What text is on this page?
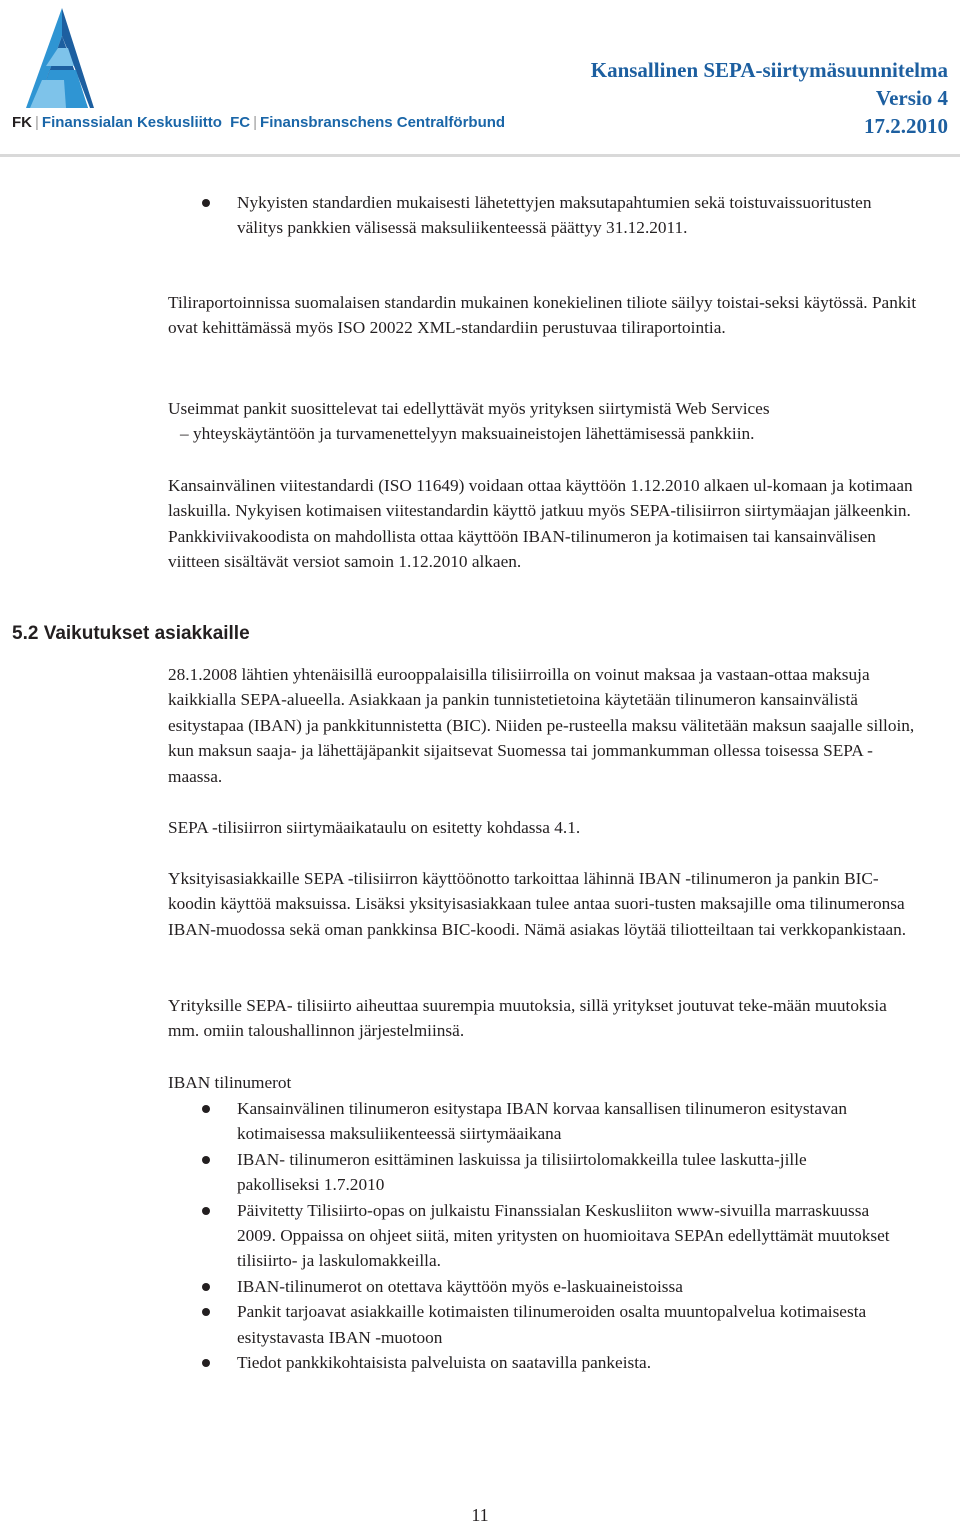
FK | Finanssialan Keskusliitto FC | Finansbranschens Centralförbund
Kansallinen SEPA-siirtymäsuunnitelma
Versio 4
17.2.2010
Nykyisten standardien mukaisesti lähetettyjen maksutapahtumien sekä toistuvaissuoritusten välitys pankkien välisessä maksuliikenteessä päättyy 31.12.2011.

Tiliraportoinnissa suomalaisen standardin mukainen konekielinen tiliote säilyy toistai-seksi käytössä. Pankit ovat kehittämässä myös ISO 20022 XML-standardiin perustuvaa tiliraportointia.

Useimmat pankit suosittelevat tai edellyttävät myös yrityksen siirtymistä Web Services

– yhteyskäytäntöön ja turvamenettelyyn maksuaineistojen lähettämisessä pankkiin.

Kansainvälinen viitestandardi (ISO 11649) voidaan ottaa käyttöön 1.12.2010 alkaen ul-komaan ja kotimaan laskuilla. Nykyisen kotimaisen viitestandardin käyttö jatkuu myös SEPA-tilisiirron siirtymäajan jälkeenkin. Pankkiviivakoodista on mahdollista ottaa käyttöön IBAN-tilinumeron ja kotimaisen tai kansainvälisen viitteen sisältävät versiot samoin 1.12.2010 alkaen.

5.2 Vaikutukset asiakkaille

28.1.2008 lähtien yhtenäisillä eurooppalaisilla tilisiirroilla on voinut maksaa ja vastaan-ottaa maksuja kaikkialla SEPA-alueella. Asiakkaan ja pankin tunnistetietoina käytetään tilinumeron kansainvälistä esitystapaa (IBAN) ja pankkitunnistetta (BIC). Niiden pe-rusteella maksu välitetään maksun saajalle silloin, kun maksun saaja- ja lähettäjäpankit sijaitsevat Suomessa tai jommankumman ollessa toisessa SEPA -maassa.

SEPA -tilisiirron siirtymäaikataulu on esitetty kohdassa 4.1.

Yksityisasiakkaille SEPA -tilisiirron käyttöönotto tarkoittaa lähinnä IBAN -tilinumeron ja pankin BIC- koodin käyttöä maksuissa. Lisäksi yksityisasiakkaan tulee antaa suori-tusten maksajille oma tilinumeronsa IBAN-muodossa sekä oman pankkinsa BIC-koodi. Nämä asiakas löytää tiliotteiltaan tai verkkopankistaan.

Yrityksille SEPA- tilisiirto aiheuttaa suurempia muutoksia, sillä yritykset joutuvat teke-mään muutoksia mm. omiin taloushallinnon järjestelmiinsä.

IBAN tilinumerot

Kansainvälinen tilinumeron esitystapa IBAN korvaa kansallisen tilinumeron esitystavan kotimaisessa maksuliikenteessä siirtymäaikana
IBAN- tilinumeron esittäminen laskuissa ja tilisiirtolomakkeilla tulee laskutta-jille pakolliseksi 1.7.2010
Päivitetty Tilisiirto-opas on julkaistu Finanssialan Keskusliiton www-sivuilla marraskuussa 2009. Oppaissa on ohjeet siitä, miten yritysten on huomioitava SEPAn edellyttämät muutokset tilisiirto- ja laskulomakkeilla.
IBAN-tilinumerot on otettava käyttöön myös e-laskuaineistoissa
Pankit tarjoavat asiakkaille kotimaisten tilinumeroiden osalta muuntopalvelua kotimaisesta esitystavasta IBAN -muotoon
Tiedot pankkikohtaisista palveluista on saatavilla pankeista.
11
